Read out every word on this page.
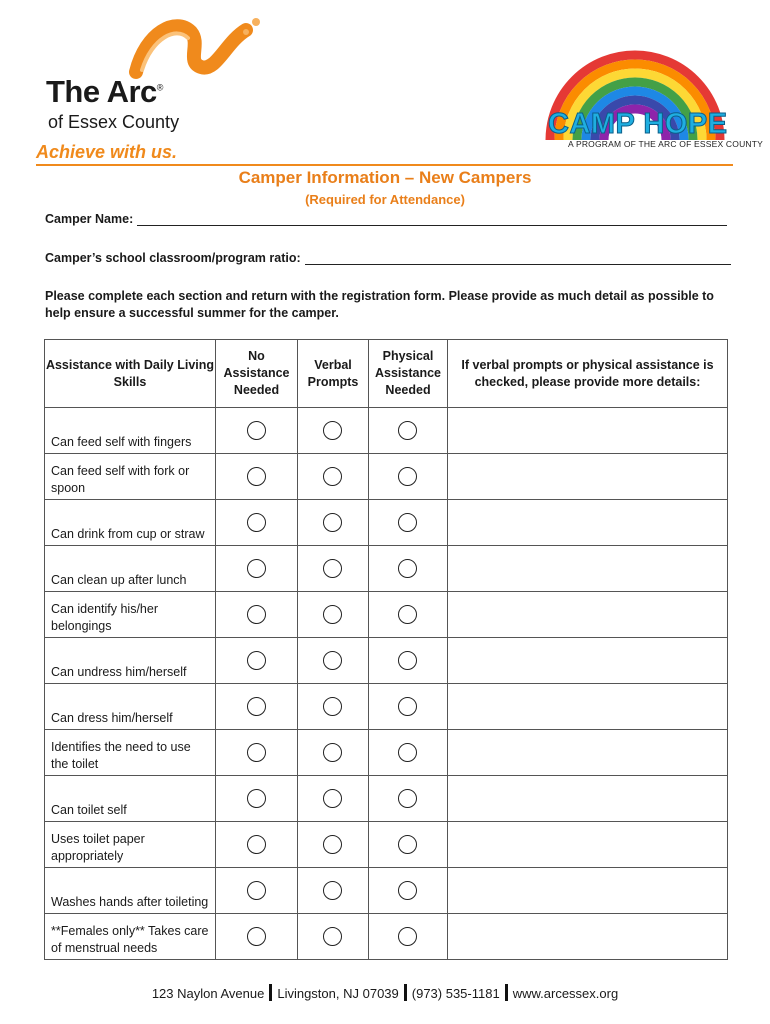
The Arc®
of Essex County
Achieve with us.
CAMP HOPE
A PROGRAM OF THE ARC OF ESSEX COUNTY
Camper Information – New Campers
(Required for Attendance)
Camper Name:
Camper’s school classroom/program ratio:
Please complete each section and return with the registration form. Please provide as much detail as possible to help ensure a successful summer for the camper.
Assistance with Daily Living Skills
No Assistance Needed
Verbal Prompts
Physical Assistance Needed
If verbal prompts or physical assistance is checked, please provide more details:
Can feed self with fingers
Can feed self with fork or spoon
Can drink from cup or straw
Can clean up after lunch
Can identify his/her belongings
Can undress him/herself
Can dress him/herself
Identifies the need to use the toilet
Can toilet self
Uses toilet paper appropriately
Washes hands after toileting
**Females only** Takes care of menstrual needs
123 Naylon Avenue Livingston, NJ 07039 (973) 535-1181 www.arcessex.org
